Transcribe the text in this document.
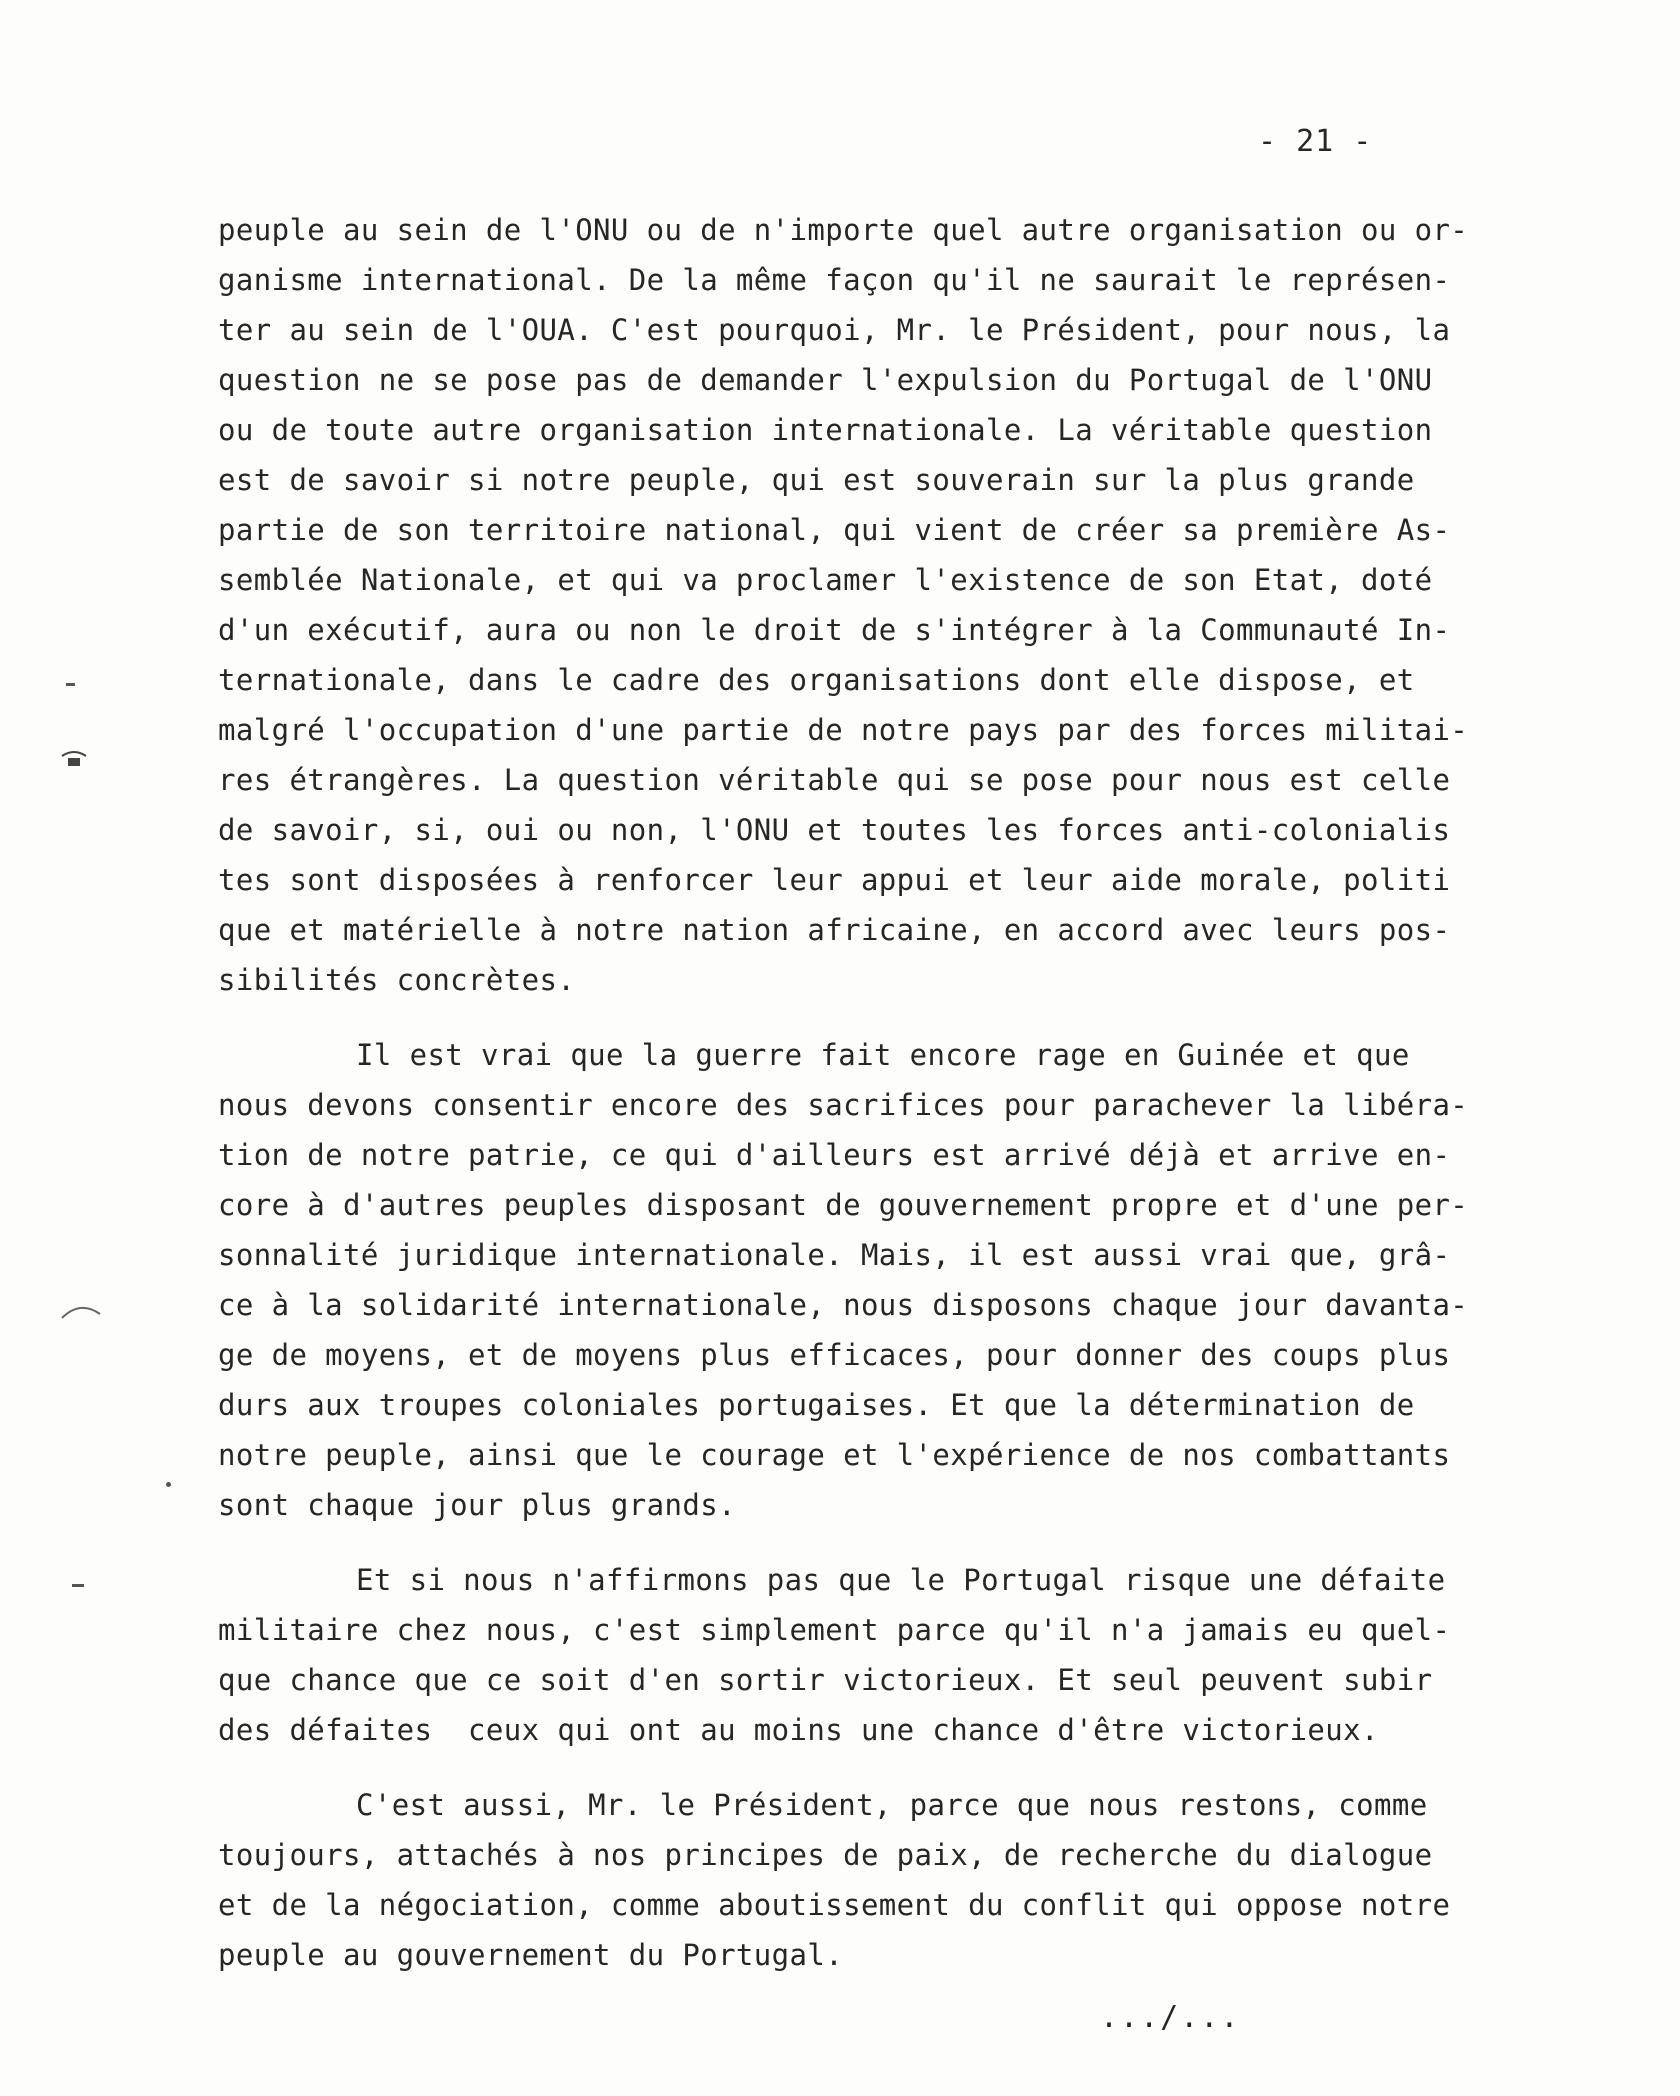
- 21 -
peuple au sein de l'ONU ou de n'importe quel autre organisation ou or-
ganisme international. De la même façon qu'il ne saurait le représen-
ter au sein de l'OUA. C'est pourquoi, Mr. le Président, pour nous, la
question ne se pose pas de demander l'expulsion du Portugal de l'ONU
ou de toute autre organisation internationale. La véritable question
est de savoir si notre peuple, qui est souverain sur la plus grande
partie de son territoire national, qui vient de créer sa première As-
semblée Nationale, et qui va proclamer l'existence de son Etat, doté
d'un exécutif, aura ou non le droit de s'intégrer à la Communauté In-
ternationale, dans le cadre des organisations dont elle dispose, et
malgré l'occupation d'une partie de notre pays par des forces militai-
res étrangères. La question véritable qui se pose pour nous est celle
de savoir, si, oui ou non, l'ONU et toutes les forces anti-colonialis
tes sont disposées à renforcer leur appui et leur aide morale, politi
que et matérielle à notre nation africaine, en accord avec leurs pos-
sibilités concrètes.
Il est vrai que la guerre fait encore rage en Guinée et que
nous devons consentir encore des sacrifices pour parachever la libéra-
tion de notre patrie, ce qui d'ailleurs est arrivé déjà et arrive en-
core à d'autres peuples disposant de gouvernement propre et d'une per-
sonnalité juridique internationale. Mais, il est aussi vrai que, grâ-
ce à la solidarité internationale, nous disposons chaque jour davanta-
ge de moyens, et de moyens plus efficaces, pour donner des coups plus
durs aux troupes coloniales portugaises. Et que la détermination de
notre peuple, ainsi que le courage et l'expérience de nos combattants
sont chaque jour plus grands.
Et si nous n'affirmons pas que le Portugal risque une défaite
militaire chez nous, c'est simplement parce qu'il n'a jamais eu quel-
que chance que ce soit d'en sortir victorieux. Et seul peuvent subir
des défaites  ceux qui ont au moins une chance d'être victorieux.
C'est aussi, Mr. le Président, parce que nous restons, comme
toujours, attachés à nos principes de paix, de recherche du dialogue
et de la négociation, comme aboutissement du conflit qui oppose notre
peuple au gouvernement du Portugal.
.../...
